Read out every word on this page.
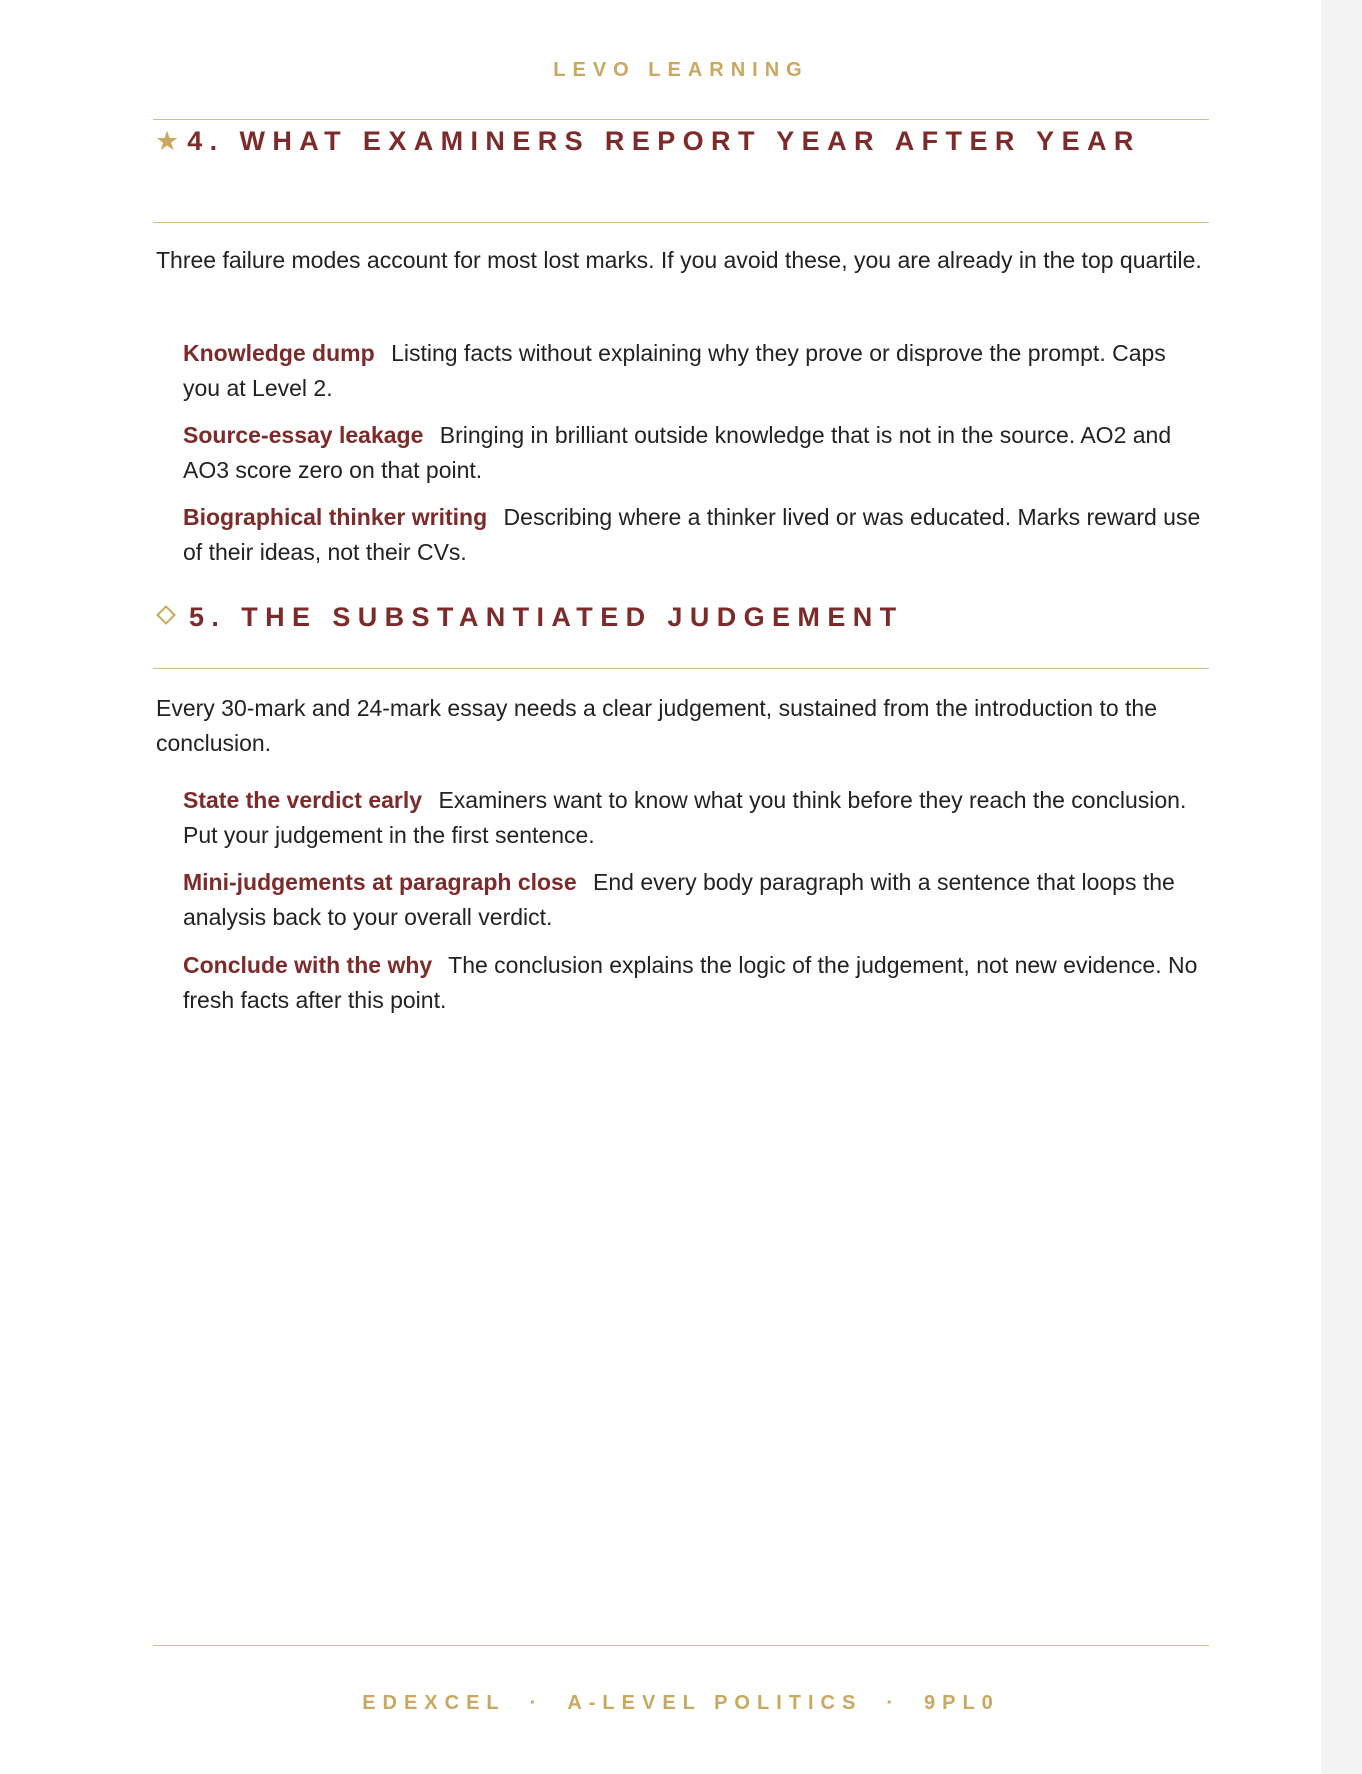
LEVO LEARNING
★ 4. WHAT EXAMINERS REPORT YEAR AFTER YEAR
Three failure modes account for most lost marks. If you avoid these, you are already in the top quartile.
Knowledge dump Listing facts without explaining why they prove or disprove the prompt. Caps you at Level 2.
Source-essay leakage Bringing in brilliant outside knowledge that is not in the source. AO2 and AO3 score zero on that point.
Biographical thinker writing Describing where a thinker lived or was educated. Marks reward use of their ideas, not their CVs.
5. THE SUBSTANTIATED JUDGEMENT
Every 30-mark and 24-mark essay needs a clear judgement, sustained from the introduction to the conclusion.
State the verdict early Examiners want to know what you think before they reach the conclusion. Put your judgement in the first sentence.
Mini-judgements at paragraph close End every body paragraph with a sentence that loops the analysis back to your overall verdict.
Conclude with the why The conclusion explains the logic of the judgement, not new evidence. No fresh facts after this point.
EDEXCEL · A-LEVEL POLITICS · 9PL0
